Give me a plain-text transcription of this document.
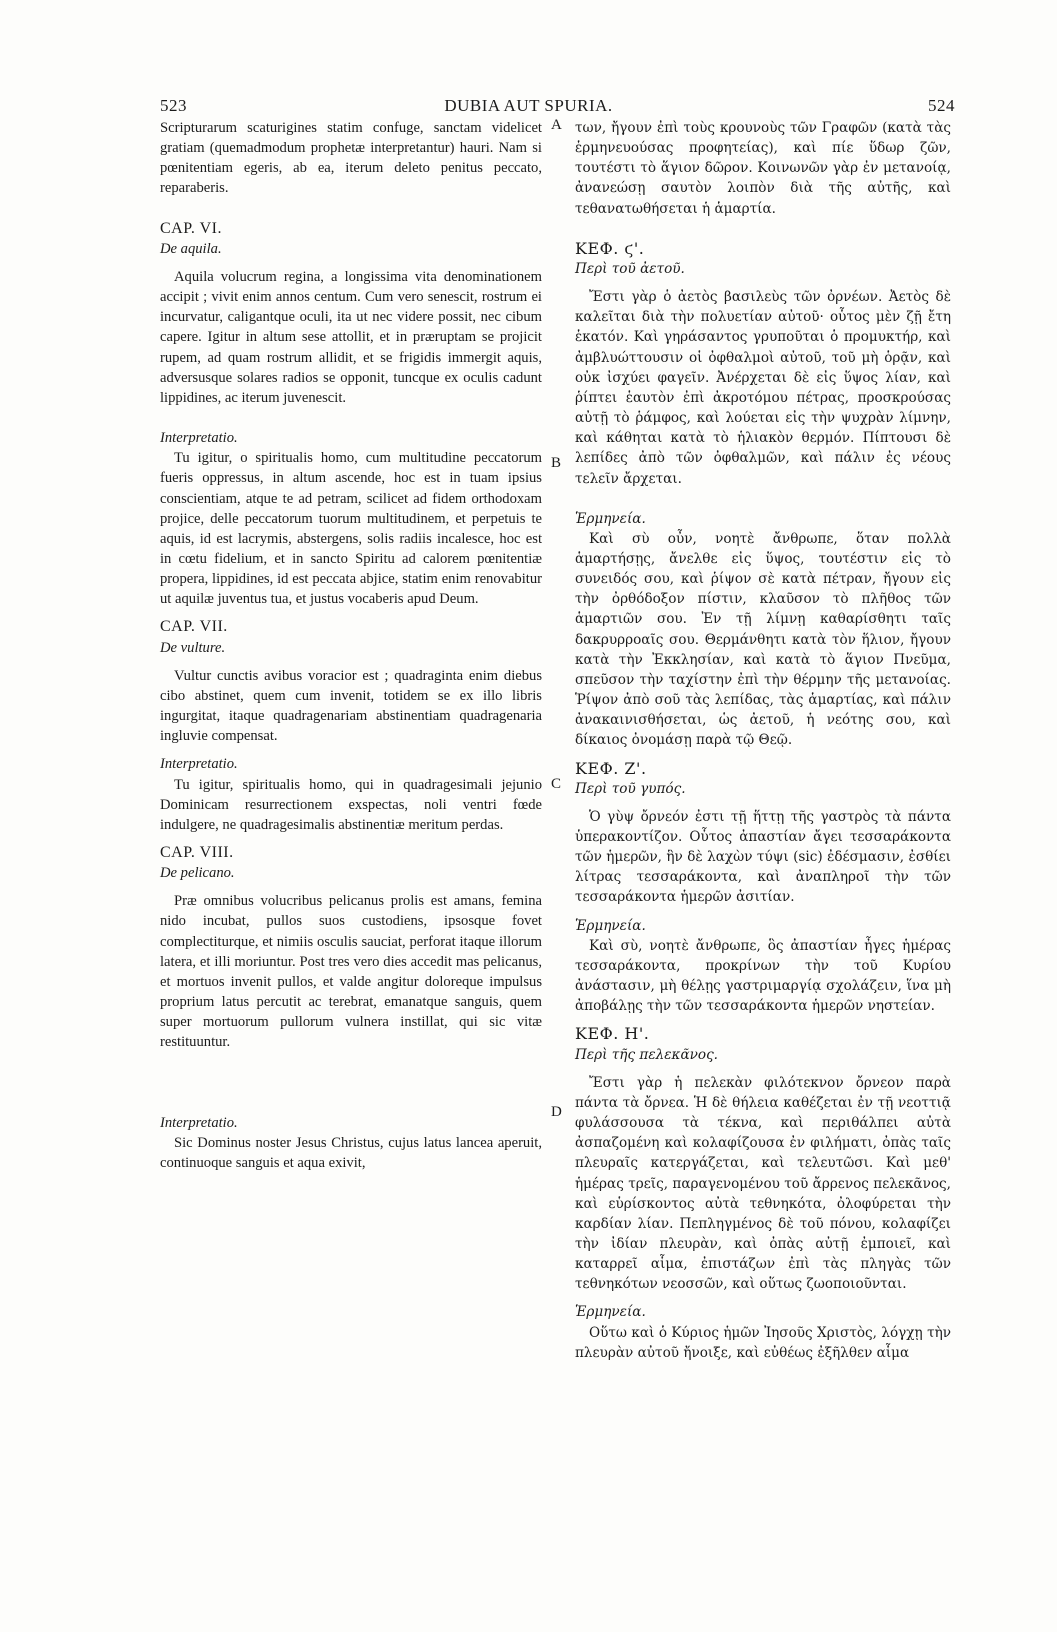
DUBIA AUT SPURIA.
523	524
A
B
C
D

Scripturarum scaturigines statim confuge, sanctam videlicet gratiam (quemadmodum prophetæ interpretantur) hauri. Nam si pœnitentiam egeris, ab ea, iterum deleto penitus peccato, reparaberis.

CAP. VI.

De aquila.

Aquila volucrum regina, a longissima vita denominationem accipit ; vivit enim annos centum. Cum vero senescit, rostrum ei incurvatur, caligantque oculi, ita ut nec videre possit, nec cibum capere. Igitur in altum sese attollit, et in præruptam se projicit rupem, ad quam rostrum allidit, et se frigidis immergit aquis, adversusque solares radios se opponit, tuncque ex oculis cadunt lippidines, ac iterum juvenescit.

Interpretatio.

Tu igitur, o spiritualis homo, cum multitudine peccatorum fueris oppressus, in altum ascende, hoc est in tuam ipsius conscientiam, atque te ad petram, scilicet ad fidem orthodoxam projice, delle peccatorum tuorum multitudinem, et perpetuis te aquis, id est lacrymis, abstergens, solis radiis incalesce, hoc est in cœtu fidelium, et in sancto Spiritu ad calorem pœnitentiæ propera, lippidines, id est peccata abjice, statim enim renovabitur ut aquilæ juventus tua, et justus vocaberis apud Deum.

CAP. VII.

De vulture.

Vultur cunctis avibus voracior est ; quadraginta enim diebus cibo abstinet, quem cum invenit, totidem se ex illo libris ingurgitat, itaque quadragenariam abstinentiam quadragenaria ingluvie compensat.

Interpretatio.

Tu igitur, spiritualis homo, qui in quadragesimali jejunio Dominicam resurrectionem exspectas, noli ventri fœde indulgere, ne quadragesimalis abstinentiæ meritum perdas.

CAP. VIII.

De pelicano.

Præ omnibus volucribus pelicanus prolis est amans, femina nido incubat, pullos suos custodiens, ipsosque fovet complectiturque, et nimiis osculis sauciat, perforat itaque illorum latera, et illi moriuntur. Post tres vero dies accedit mas pelicanus, et mortuos invenit pullos, et valde angitur doloreque impulsus proprium latus percutit ac terebrat, emanatque sanguis, quem super mortuorum pullorum vulnera instillat, qui sic vitæ restituuntur.

Interpretatio.

Sic Dominus noster Jesus Christus, cujus latus lancea aperuit, continuoque sanguis et aqua exivit,

των, ἤγουν ἐπὶ τοὺς κρουνοὺς τῶν Γραφῶν (κατὰ τὰς ἑρμηνευούσας προφητείας), καὶ πίε ὕδωρ ζῶν, τουτέστι τὸ ἅγιον δῶρον. Κοινωνῶν γὰρ ἐν μετανοίᾳ, ἀνανεώσῃ σαυτὸν λοιπὸν διὰ τῆς αὐτῆς, καὶ τεθανατωθήσεται ἡ ἁμαρτία.

ΚΕΦ. ϛ'.

Περὶ τοῦ ἀετοῦ.

Ἔστι γὰρ ὁ ἀετὸς βασιλεὺς τῶν ὀρνέων. Ἀετὸς δὲ καλεῖται διὰ τὴν πολυετίαν αὐτοῦ· οὗτος μὲν ζῇ ἔτη ἑκατόν. Καὶ γηράσαντος γρυποῦται ὁ προμυκτήρ, καὶ ἀμβλυώττουσιν οἱ ὀφθαλμοὶ αὐτοῦ, τοῦ μὴ ὁρᾷν, καὶ οὐκ ἰσχύει φαγεῖν. Ἀνέρχεται δὲ εἰς ὕψος λίαν, καὶ ῥίπτει ἑαυτὸν ἐπὶ ἀκροτόμου πέτρας, προσκρούσας αὐτῇ τὸ ῥάμφος, καὶ λούεται εἰς τὴν ψυχρὰν λίμνην, καὶ κάθηται κατὰ τὸ ἡλιακὸν θερμόν. Πίπτουσι δὲ λεπίδες ἀπὸ τῶν ὀφθαλμῶν, καὶ πάλιν ἐς νέους τελεῖν ἄρχεται.

Ἑρμηνεία.

Καὶ σὺ οὖν, νοητὲ ἄνθρωπε, ὅταν πολλὰ ἁμαρτήσῃς, ἄνελθε εἰς ὕψος, τουτέστιν εἰς τὸ συνειδός σου, καὶ ῥίψον σὲ κατὰ πέτραν, ἤγουν εἰς τὴν ὀρθόδοξον πίστιν, κλαῦσον τὸ πλῆθος τῶν ἁμαρτιῶν σου. Ἐν τῇ λίμνῃ καθαρίσθητι ταῖς δακρυρροαῖς σου. Θερμάνθητι κατὰ τὸν ἥλιον, ἤγουν κατὰ τὴν Ἐκκλησίαν, καὶ κατὰ τὸ ἅγιον Πνεῦμα, σπεῦσον τὴν ταχίστην ἐπὶ τὴν θέρμην τῆς μετανοίας. Ῥίψον ἀπὸ σοῦ τὰς λεπίδας, τὰς ἁμαρτίας, καὶ πάλιν ἀνακαινισθήσεται, ὡς ἀετοῦ, ἡ νεότης σου, καὶ δίκαιος ὀνομάσῃ παρὰ τῷ Θεῷ.

ΚΕΦ. Ζ'.

Περὶ τοῦ γυπός.

Ὁ γὺψ ὄρνεόν ἐστι τῇ ἥττῃ τῆς γαστρὸς τὰ πάντα ὑπερακοντίζον. Οὗτος ἀπαστίαν ἄγει τεσσαράκοντα τῶν ἡμερῶν, ἣν δὲ λαχὼν τύψι (sic) ἐδέσμασιν, ἐσθίει λίτρας τεσσαράκοντα, καὶ ἀναπληροῖ τὴν τῶν τεσσαράκοντα ἡμερῶν ἀσιτίαν.

Ἑρμηνεία.

Καὶ σὺ, νοητὲ ἄνθρωπε, ὃς ἀπαστίαν ἦγες ἡμέρας τεσσαράκοντα, προκρίνων τὴν τοῦ Κυρίου ἀνάστασιν, μὴ θέλῃς γαστριμαργίᾳ σχολάζειν, ἵνα μὴ ἀποβάλῃς τὴν τῶν τεσσαράκοντα ἡμερῶν νηστείαν.

ΚΕΦ. Η'.

Περὶ τῆς πελεκᾶνος.

Ἔστι γὰρ ἡ πελεκὰν φιλότεκνον ὄρνεον παρὰ πάντα τὰ ὄρνεα. Ἡ δὲ θήλεια καθέζεται ἐν τῇ νεοττιᾷ φυλάσσουσα τὰ τέκνα, καὶ περιθάλπει αὐτὰ ἀσπαζομένη καὶ κολαφίζουσα ἐν φιλήματι, ὀπὰς ταῖς πλευραῖς κατεργάζεται, καὶ τελευτῶσι. Καὶ μεθ' ἡμέρας τρεῖς, παραγενομένου τοῦ ἄρρενος πελεκᾶνος, καὶ εὑρίσκοντος αὐτὰ τεθνηκότα, ὀλοφύρεται τὴν καρδίαν λίαν. Πεπληγμένος δὲ τοῦ πόνου, κολαφίζει τὴν ἰδίαν πλευρὰν, καὶ ὀπὰς αὐτῇ ἐμποιεῖ, καὶ καταρρεῖ αἷμα, ἐπιστάζων ἐπὶ τὰς πληγὰς τῶν τεθνηκότων νεοσσῶν, καὶ οὕτως ζωοποιοῦνται.

Ἑρμηνεία.

Οὕτω καὶ ὁ Κύριος ἡμῶν Ἰησοῦς Χριστὸς, λόγχῃ τὴν πλευρὰν αὐτοῦ ἤνοιξε, καὶ εὐθέως ἐξῆλθεν αἷμα
